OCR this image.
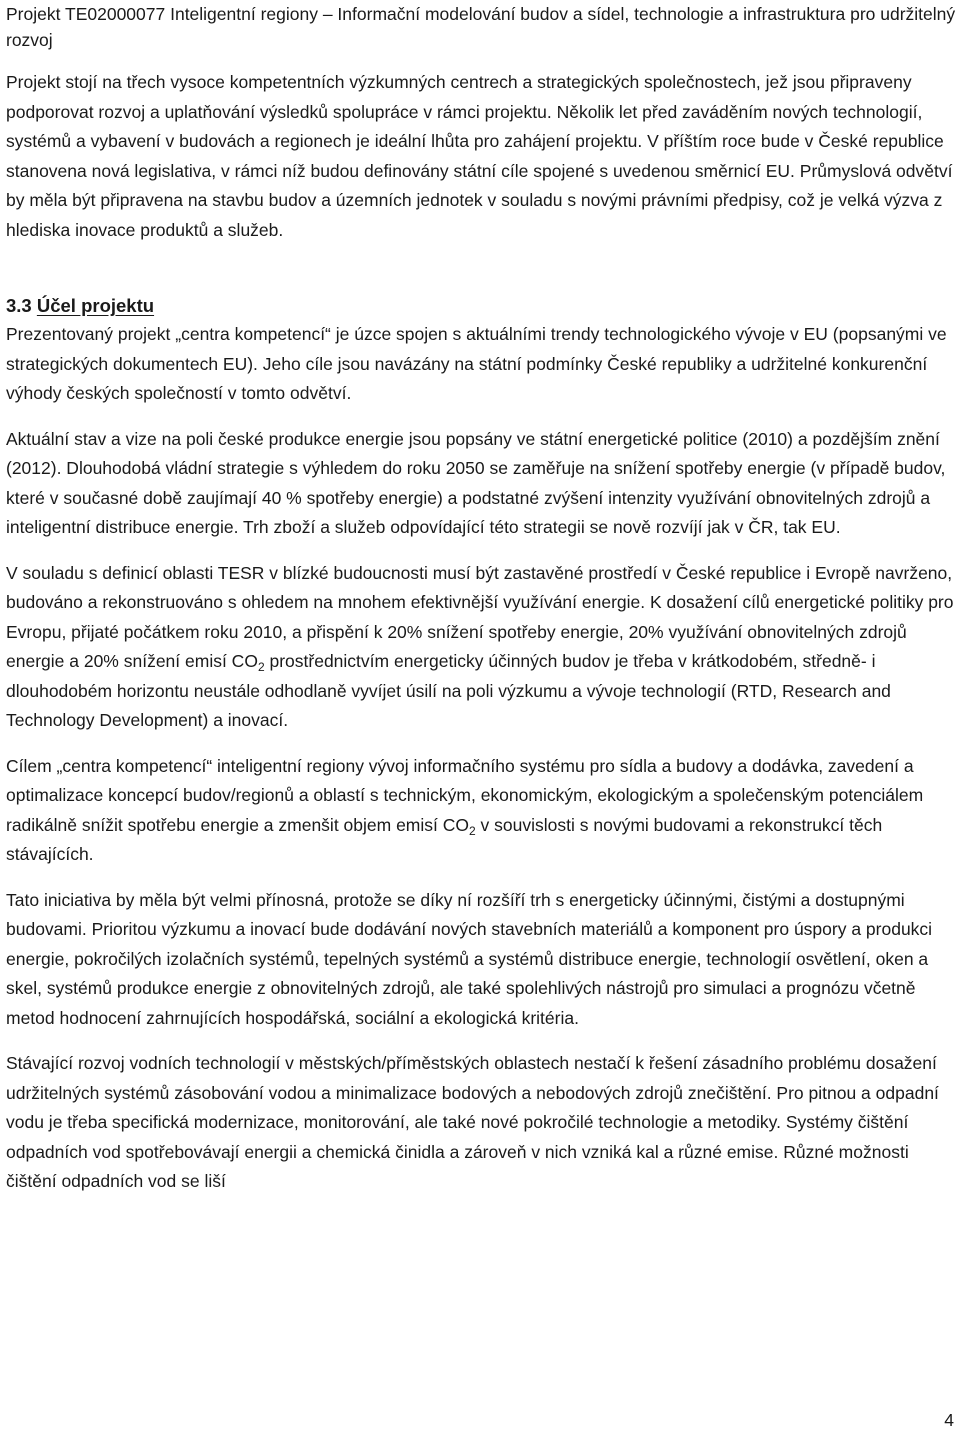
Projekt TE02000077 Inteligentní regiony – Informační modelování budov a sídel, technologie a infrastruktura pro udržitelný rozvoj

Projekt stojí na třech vysoce kompetentních výzkumných centrech a strategických společnostech, jež jsou připraveny podporovat rozvoj a uplatňování výsledků spolupráce v rámci projektu. Několik let před zaváděním nových technologií, systémů a vybavení v budovách a regionech je ideální lhůta pro zahájení projektu. V příštím roce bude v České republice stanovena nová legislativa, v rámci níž budou definovány státní cíle spojené s uvedenou směrnicí EU. Průmyslová odvětví by měla být připravena na stavbu budov a územních jednotek v souladu s novými právními předpisy, což je velká výzva z hlediska inovace produktů a služeb.

3.3 Účel projektu

Prezentovaný projekt „centra kompetencí“ je úzce spojen s aktuálními trendy technologického vývoje v EU (popsanými ve strategických dokumentech EU). Jeho cíle jsou navázány na státní podmínky České republiky a udržitelné konkurenční výhody českých společností v tomto odvětví.

Aktuální stav a vize na poli české produkce energie jsou popsány ve státní energetické politice (2010) a pozdějším znění (2012). Dlouhodobá vládní strategie s výhledem do roku 2050 se zaměřuje na snížení spotřeby energie (v případě budov, které v současné době zaujímají 40 % spotřeby energie) a podstatné zvýšení intenzity využívání obnovitelných zdrojů a inteligentní distribuce energie. Trh zboží a služeb odpovídající této strategii se nově rozvíjí jak v ČR, tak EU.

V souladu s definicí oblasti TESR v blízké budoucnosti musí být zastavěné prostředí v České republice i Evropě navrženo, budováno a rekonstruováno s ohledem na mnohem efektivnější využívání energie. K dosažení cílů energetické politiky pro Evropu, přijaté počátkem roku 2010, a přispění k 20% snížení spotřeby energie, 20% využívání obnovitelných zdrojů energie a 20% snížení emisí $CO_2$ prostřednictvím energeticky účinných budov je třeba v krátkodobém, středně- i dlouhodobém horizontu neustále odhodlaně vyvíjet úsilí na poli výzkumu a vývoje technologií (RTD, Research and Technology Development) a inovací.

Cílem „centra kompetencí“ inteligentní regiony vývoj informačního systému pro sídla a budovy a dodávka, zavedení a optimalizace koncepcí budov/regionů a oblastí s technickým, ekonomickým, ekologickým a společenským potenciálem radikálně snížit spotřebu energie a zmenšit objem emisí $CO_2$ v souvislosti s novými budovami a rekonstrukcí těch stávajících.

Tato iniciativa by měla být velmi přínosná, protože se díky ní rozšíří trh s energeticky účinnými, čistými a dostupnými budovami. Prioritou výzkumu a inovací bude dodávání nových stavebních materiálů a komponent pro úspory a produkci energie, pokročilých izolačních systémů, tepelných systémů a systémů distribuce energie, technologií osvětlení, oken a skel, systémů produkce energie z obnovitelných zdrojů, ale také spolehlivých nástrojů pro simulaci a prognózu včetně metod hodnocení zahrnujících hospodářská, sociální a ekologická kritéria.

Stávající rozvoj vodních technologií v městských/příměstských oblastech nestačí k řešení zásadního problému dosažení udržitelných systémů zásobování vodou a minimalizace bodových a nebodových zdrojů znečištění. Pro pitnou a odpadní vodu je třeba specifická modernizace, monitorování, ale také nové pokročilé technologie a metodiky. Systémy čištění odpadních vod spotřebovávají energii a chemická činidla a zároveň v nich vzniká kal a různé emise. Různé možnosti čištění odpadních vod se liší

4
